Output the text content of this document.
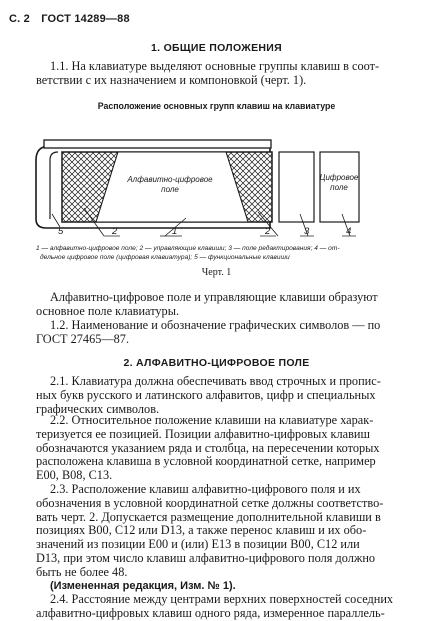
С. 2 ГОСТ 14289—88
1. ОБЩИЕ ПОЛОЖЕНИЯ

1.1. На клавиатуре выделяют основные группы клавиш в соот-
ветствии с их назначением и компоновкой (черт. 1).

Расположение основных групп клавиш на клавиатуре
Алфавитно-цифровое
поле
Цифровое
поле
5	2	1	2	3	4
1 — алфавитно-цифровое поле; 2 — управляющие клавиши; 3 — поле редактирования; 4 — от-
дельное цифровое поле (цифровая клавиатура); 5 — функциональные клавиши
Черт. 1

Алфавитно-цифровое поле и управляющие клавиши образуют
основное поле клавиатуры.

1.2. Наименование и обозначение графических символов — по
ГОСТ 27465—87.

2. АЛФАВИТНО-ЦИФРОВОЕ ПОЛЕ

2.1. Клавиатура должна обеспечивать ввод строчных и пропис-
ных букв русского и латинского алфавитов, цифр и специальных
графических символов.

2.2. Относительное положение клавиши на клавиатуре харак-
теризуется ее позицией. Позиции алфавитно-цифровых клавиш
обозначаются указанием ряда и столбца, на пересечении которых
расположена клавиша в условной координатной сетке, например
E00, B08, C13.

2.3. Расположение клавиш алфавитно-цифрового поля и их
обозначения в условной координатной сетке должны соответство-
вать черт. 2. Допускается размещение дополнительной клавиши в
позициях B00, C12 или D13, а также перенос клавиш и их обо-
значений из позиции E00 и (или) E13 в позиции B00, C12 или
D13, при этом число клавиш алфавитно-цифрового поля должно
быть не более 48.

(Измененная редакция, Изм. № 1).

2.4. Расстояние между центрами верхних поверхностей соседних
алфавитно-цифровых клавиш одного ряда, измеренное параллель-
